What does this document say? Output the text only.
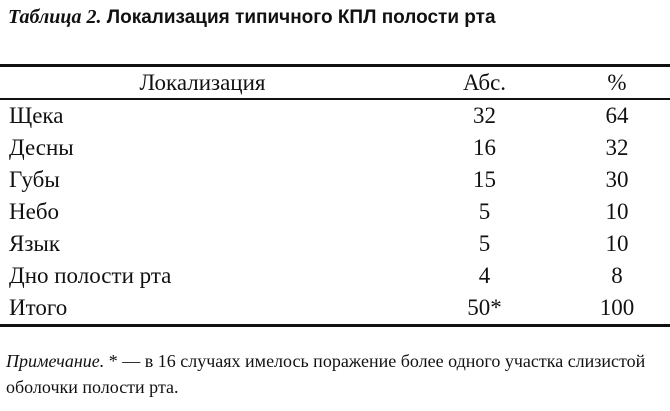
Таблица 2. Локализация типичного КПЛ полости рта
Локализация	Абс.	%
Щека	32	64
Десны	16	32
Губы	15	30
Небо	5	10
Язык	5	10
Дно полости рта	4	8
Итого	50*	100

Примечание. * — в 16 случаях имелось поражение более одного участка слизистой оболочки полости рта.
